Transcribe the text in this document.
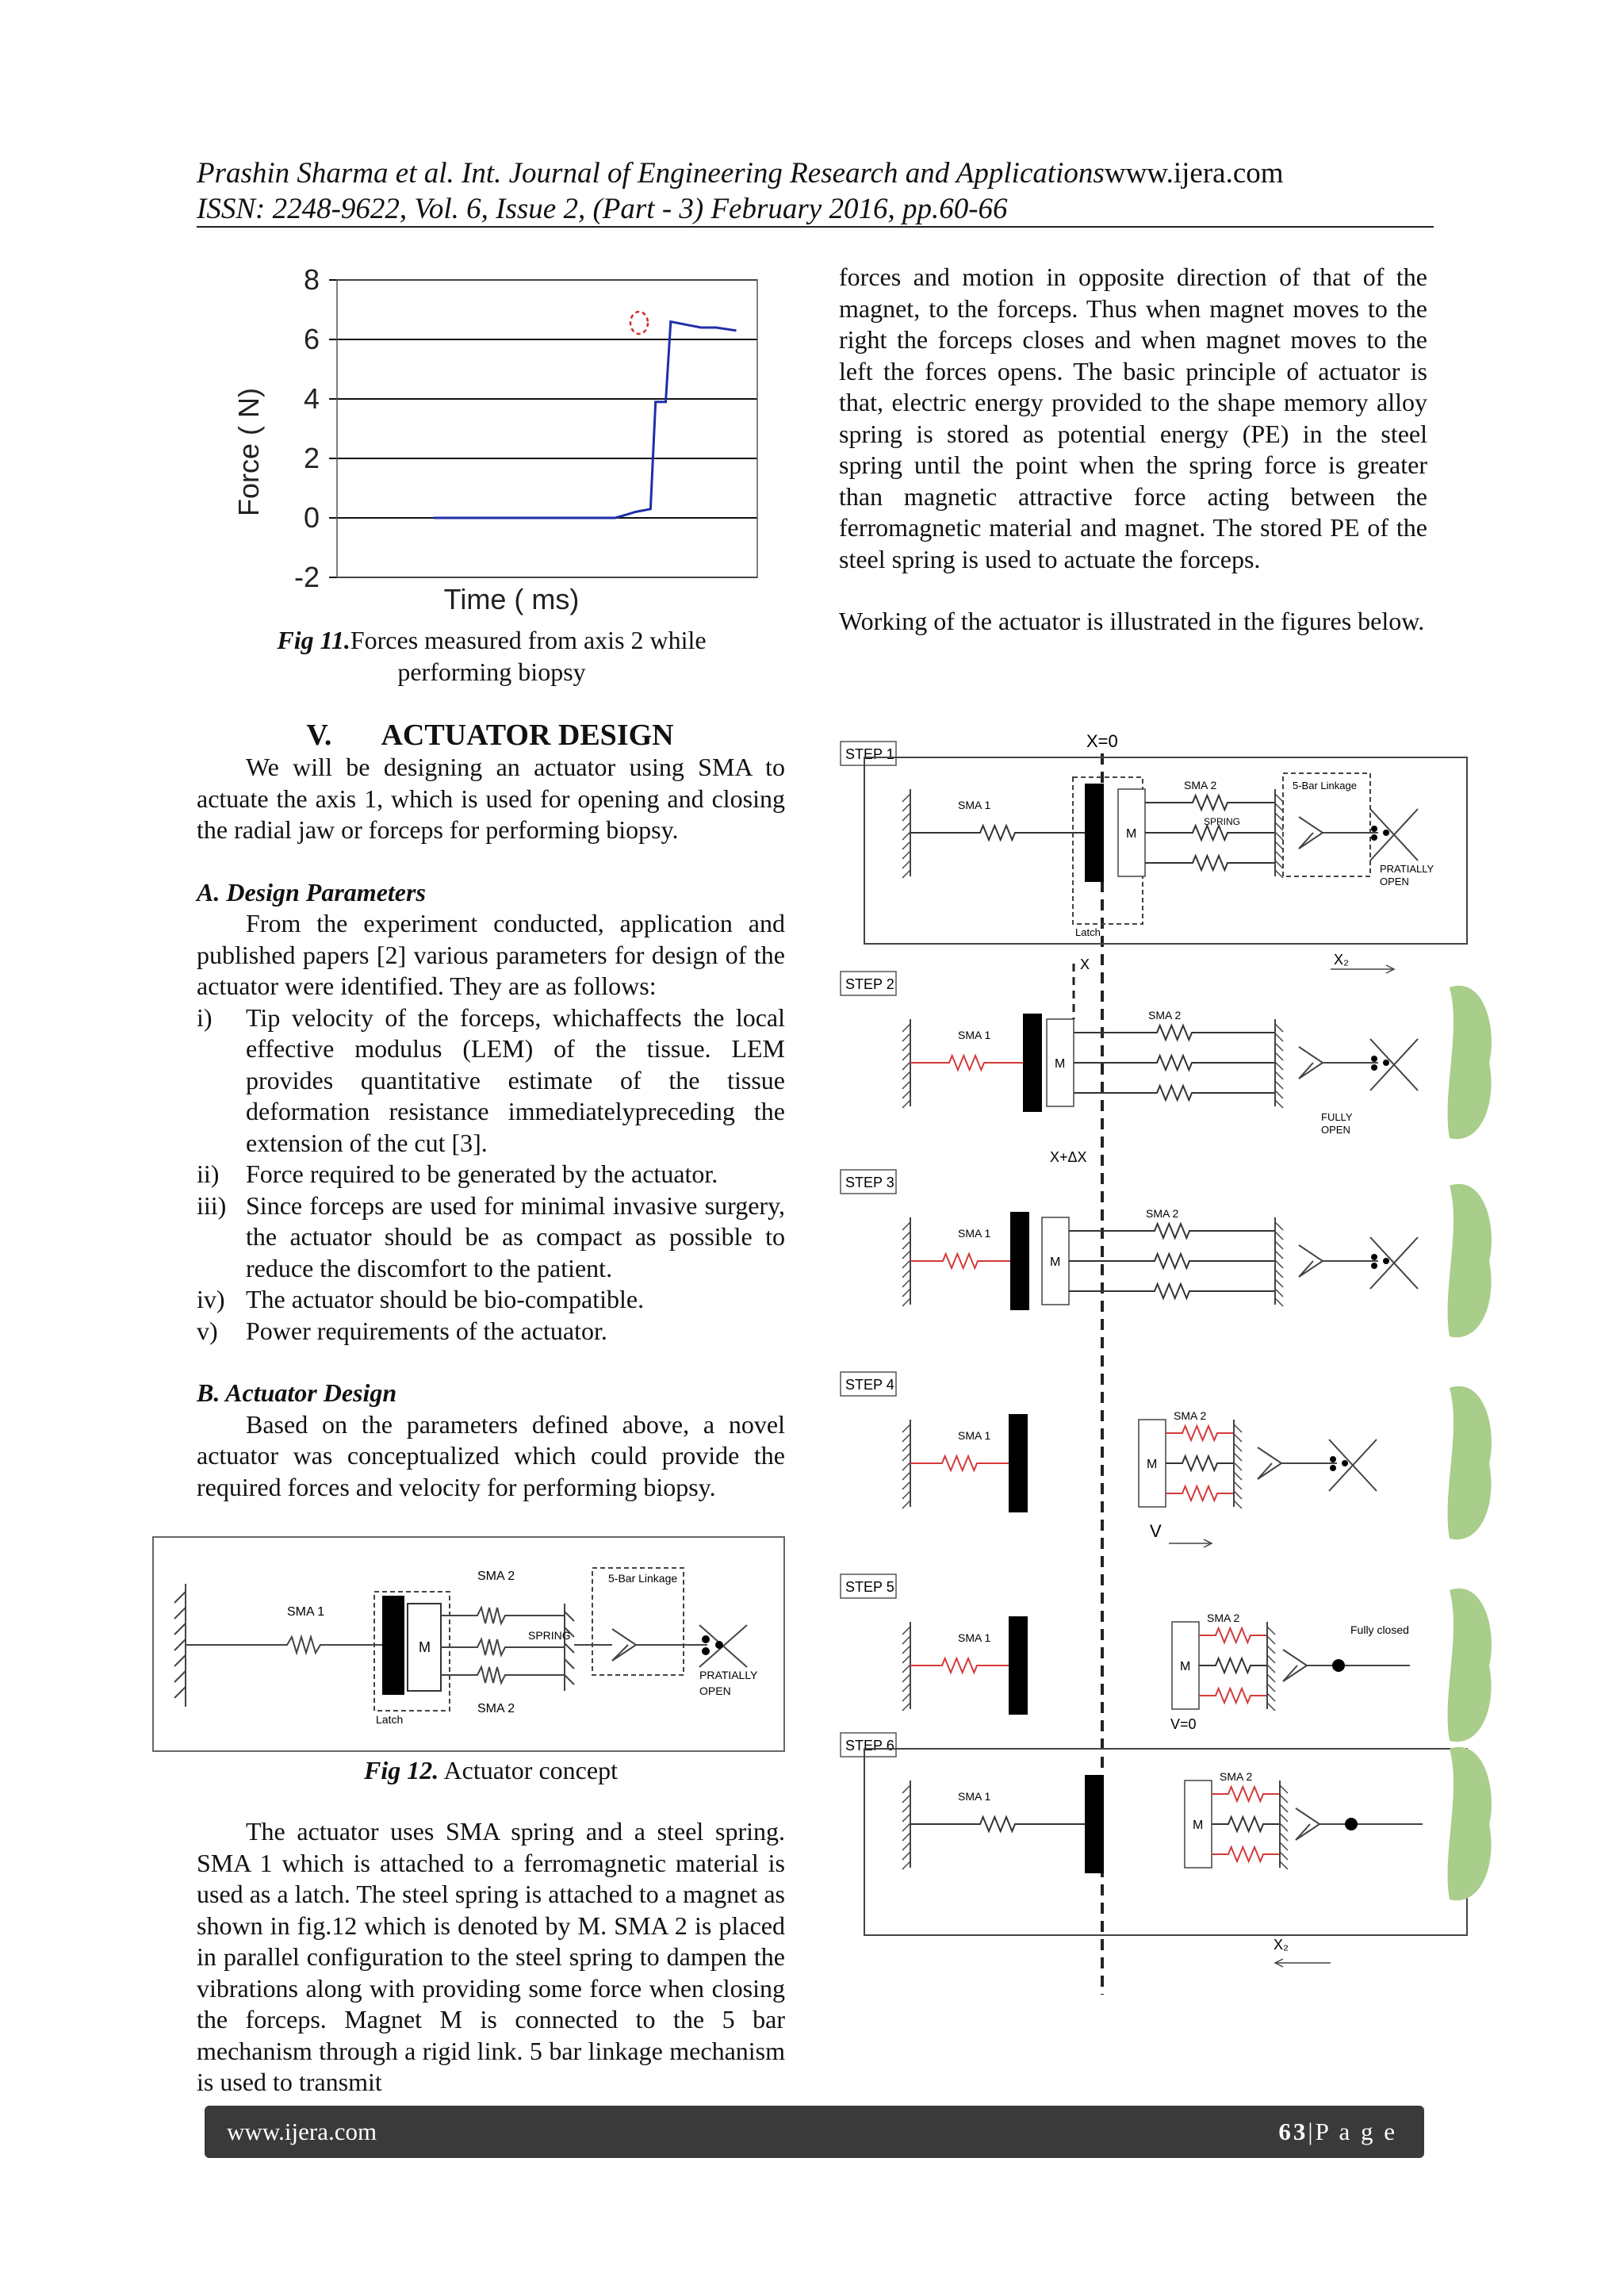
Prashin Sharma et al. Int. Journal of Engineering Research and Applicationswww.ijera.com
ISSN: 2248-9622, Vol. 6, Issue 2, (Part - 3) February 2016, pp.60-66
8
6
4
2
0
-2
Force ( N)
Time ( ms)
Fig 11.Forces measured from axis 2 while performing biopsy
V. ACTUATOR DESIGN

We will be designing an actuator using SMA to actuate the axis 1, which is used for opening and closing the radial jaw or forceps for performing biopsy.

A. Design Parameters

From the experiment conducted, application and published papers [2] various parameters for design of the actuator were identified. They are as follows:

i) Tip velocity of the forceps, whichaffects the local effective modulus (LEM) of the tissue. LEM provides quantitative estimate of the tissue deformation resistance immediatelypreceding the extension of the cut [3].
ii) Force required to be generated by the actuator.
iii) Since forceps are used for minimal invasive surgery, the actuator should be as compact as possible to reduce the discomfort to the patient.
iv) The actuator should be bio-compatible.
v) Power requirements of the actuator.

B. Actuator Design

Based on the parameters defined above, a novel actuator was conceptualized which could provide the required forces and velocity for performing biopsy.

SMA 1
SMA 2
SMA 2
5-Bar Linkage
SPRING
M
Latch
PRATIALLY
OPEN
Fig 12. Actuator concept

The actuator uses SMA spring and a steel spring. SMA 1 which is attached to a ferromagnetic material is used as a latch. The steel spring is attached to a magnet as shown in fig.12 which is denoted by M. SMA 2 is placed in parallel configuration to the steel spring to dampen the vibrations along with providing some force when closing the forceps. Magnet M is connected to the 5 bar mechanism through a rigid link. 5 bar linkage mechanism is used to transmit

forces and motion in opposite direction of that of the magnet, to the forceps. Thus when magnet moves to the right the forceps closes and when magnet moves to the left the forces opens. The basic principle of actuator is that, electric energy provided to the shape memory alloy spring is stored as potential energy (PE) in the steel spring until the point when the spring force is greater than magnetic attractive force acting between the ferromagnetic material and magnet. The stored PE of the steel spring is used to actuate the forceps.

Working of the actuator is illustrated in the figures below.

X=0
STEP 1
SMA 1
Latch
M
SMA 2	5-Bar Linkage
SPRING
PRATIALLY
OPEN
STEP 2
SMA 1
M
SMA 2
FULLY
OPEN
STEP 3
SMA 1
M
SMA 2
STEP 4
SMA 1
M
SMA 2
STEP 5
SMA 1
M
SMA 2
Fully closed
V=0
STEP 6
SMA 1
M
SMA 2
X	X₂
X+ΔX
V
X₂
www.ijera.com	63|P a g e
